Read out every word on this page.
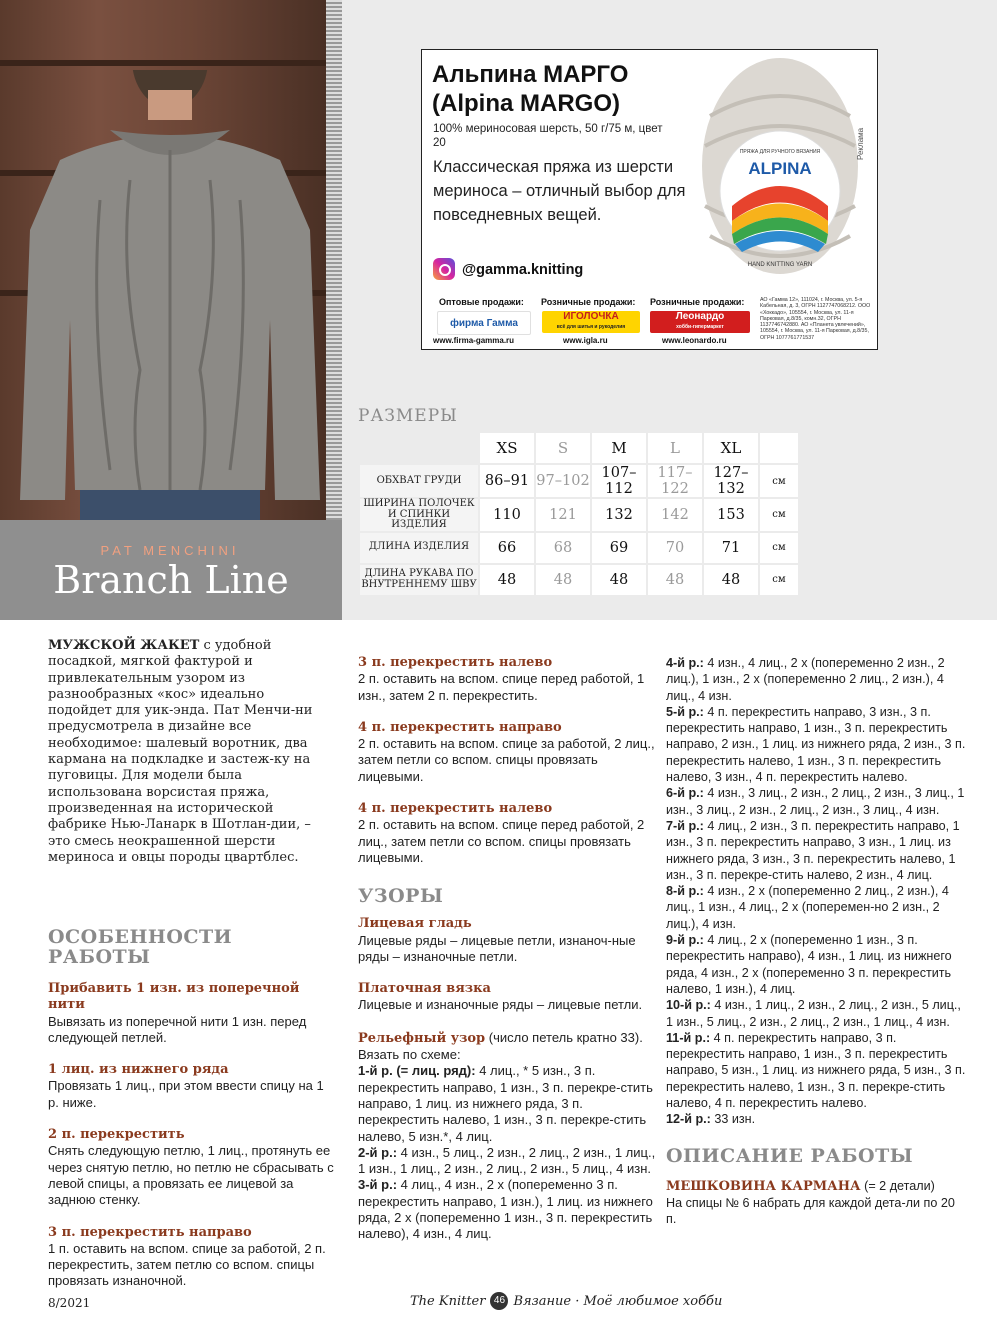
PAT MENCHINI
Branch Line
Альпина МАРГО
(Alpina MARGO)
100% мериносовая шерсть, 50 г/75 м, цвет 20
Классическая пряжа из шерсти мериноса – отличный выбор для повседневных вещей.
@gamma.knitting
ALPINA
ПРЯЖА ДЛЯ РУЧНОГО ВЯЗАНИЯ
HAND KNITTING YARN
Реклама
Оптовые продажи: Розничные продажи: Розничные продажи:
фирма Гамма
ИГОЛОЧКА
всё для шитья и рукоделия
Леонардо
хобби-гипермаркет
www.firma-gamma.ru	www.igla.ru	www.leonardo.ru
АО «Гамма 12», 111024, г. Москва, ул. 5-я Кабельная, д. 3, ОГРН 1127747068212. ООО «Хоккадо», 105554, г. Москва, ул. 11-я Парковая, д.8/35, комн.32, ОГРН 1137746742880. АО «Планета увлечений», 105554, г. Москва, ул. 11-я Парковая, д.8/35, ОГРН 1077761771537
РАЗМЕРЫ
	XS	S	M	L	XL	
ОБХВАТ ГРУДИ	86–91	97–102	107–112	117–122	127–132	см
ШИРИНА ПОЛОЧЕК И СПИНКИ ИЗДЕЛИЯ	110	121	132	142	153	см
ДЛИНА ИЗДЕЛИЯ	66	68	69	70	71	см
ДЛИНА РУКАВА ПО ВНУТРЕННЕМУ ШВУ	48	48	48	48	48	см
МУЖСКОЙ ЖАКЕТ с удобной посадкой, мягкой фактурой и привлекательным узором из разнообразных «кос» идеально подойдет для уик-энда. Пат Менчи-ни предусмотрела в дизайне все необходимое: шалевый воротник, два кармана на подкладке и застеж-ку на пуговицы. Для модели была использована ворсистая пряжа, произведенная на исторической фабрике Нью-Ланарк в Шотлан-дии, – это смесь неокрашенной шерсти мериноса и овцы породы цвартблес.
ОСОБЕННОСТИ РАБОТЫ
Прибавить 1 изн. из поперечной нити
Вывязать из поперечной нити 1 изн. перед следующей петлей.
1 лиц. из нижнего ряда
Провязать 1 лиц., при этом ввести спицу на 1 р. ниже.
2 п. перекрестить
Снять следующую петлю, 1 лиц., протянуть ее через снятую петлю, но петлю не сбрасывать с левой спицы, а провязать ее лицевой за заднюю стенку.
3 п. перекрестить направо
1 п. оставить на вспом. спице за работой, 2 п. перекрестить, затем петлю со вспом. спицы провязать изнаночной.
3 п. перекрестить налево
2 п. оставить на вспом. спице перед работой, 1 изн., затем 2 п. перекрестить.
4 п. перекрестить направо
2 п. оставить на вспом. спице за работой, 2 лиц., затем петли со вспом. спицы провязать лицевыми.
4 п. перекрестить налево
2 п. оставить на вспом. спице перед работой, 2 лиц., затем петли со вспом. спицы провязать лицевыми.
УЗОРЫ
Лицевая гладь
Лицевые ряды – лицевые петли, изнаноч-ные ряды – изнаночные петли.
Платочная вязка
Лицевые и изнаночные ряды – лицевые петли.
Рельефный узор (число петель кратно 33).
Вязать по схеме:
1-й р. (= лиц. ряд): 4 лиц., * 5 изн., 3 п. перекрестить направо, 1 изн., 3 п. перекре-стить направо, 1 лиц. из нижнего ряда, 3 п. перекрестить налево, 1 изн., 3 п. перекре-стить налево, 5 изн.*, 4 лиц.
2-й р.: 4 изн., 5 лиц., 2 изн., 2 лиц., 2 изн., 1 лиц., 1 изн., 1 лиц., 2 изн., 2 лиц., 2 изн., 5 лиц., 4 изн.
3-й р.: 4 лиц., 4 изн., 2 х (попеременно 3 п. перекрестить направо, 1 изн.), 1 лиц. из нижнего ряда, 2 х (попеременно 1 изн., 3 п. перекрестить налево), 4 изн., 4 лиц.
4-й р.: 4 изн., 4 лиц., 2 х (попеременно 2 изн., 2 лиц.), 1 изн., 2 х (попеременно 2 лиц., 2 изн.), 4 лиц., 4 изн.
5-й р.: 4 п. перекрестить направо, 3 изн., 3 п. перекрестить направо, 1 изн., 3 п. перекрестить направо, 2 изн., 1 лиц. из нижнего ряда, 2 изн., 3 п. перекрестить налево, 1 изн., 3 п. перекрестить налево, 3 изн., 4 п. перекрестить налево.
6-й р.: 4 изн., 3 лиц., 2 изн., 2 лиц., 2 изн., 3 лиц., 1 изн., 3 лиц., 2 изн., 2 лиц., 2 изн., 3 лиц., 4 изн.
7-й р.: 4 лиц., 2 изн., 3 п. перекрестить направо, 1 изн., 3 п. перекрестить направо, 3 изн., 1 лиц. из нижнего ряда, 3 изн., 3 п. перекрестить налево, 1 изн., 3 п. перекре-стить налево, 2 изн., 4 лиц.
8-й р.: 4 изн., 2 х (попеременно 2 лиц., 2 изн.), 4 лиц., 1 изн., 4 лиц., 2 х (поперемен-но 2 изн., 2 лиц.), 4 изн.
9-й р.: 4 лиц., 2 х (попеременно 1 изн., 3 п. перекрестить направо), 4 изн., 1 лиц. из нижнего ряда, 4 изн., 2 х (попеременно 3 п. перекрестить налево, 1 изн.), 4 лиц.
10-й р.: 4 изн., 1 лиц., 2 изн., 2 лиц., 2 изн., 5 лиц., 1 изн., 5 лиц., 2 изн., 2 лиц., 2 изн., 1 лиц., 4 изн.
11-й р.: 4 п. перекрестить направо, 3 п. перекрестить направо, 1 изн., 3 п. перекрестить направо, 5 изн., 1 лиц. из нижнего ряда, 5 изн., 3 п. перекрестить налево, 1 изн., 3 п. перекре-стить налево, 4 п. перекрестить налево.
12-й р.: 33 изн.
ОПИСАНИЕ РАБОТЫ
МЕШКОВИНА КАРМАНА (= 2 детали)
На спицы № 6 набрать для каждой дета-ли по 20 п.
8/2021	The Knitter 46 Вязание · Моё любимое хобби
